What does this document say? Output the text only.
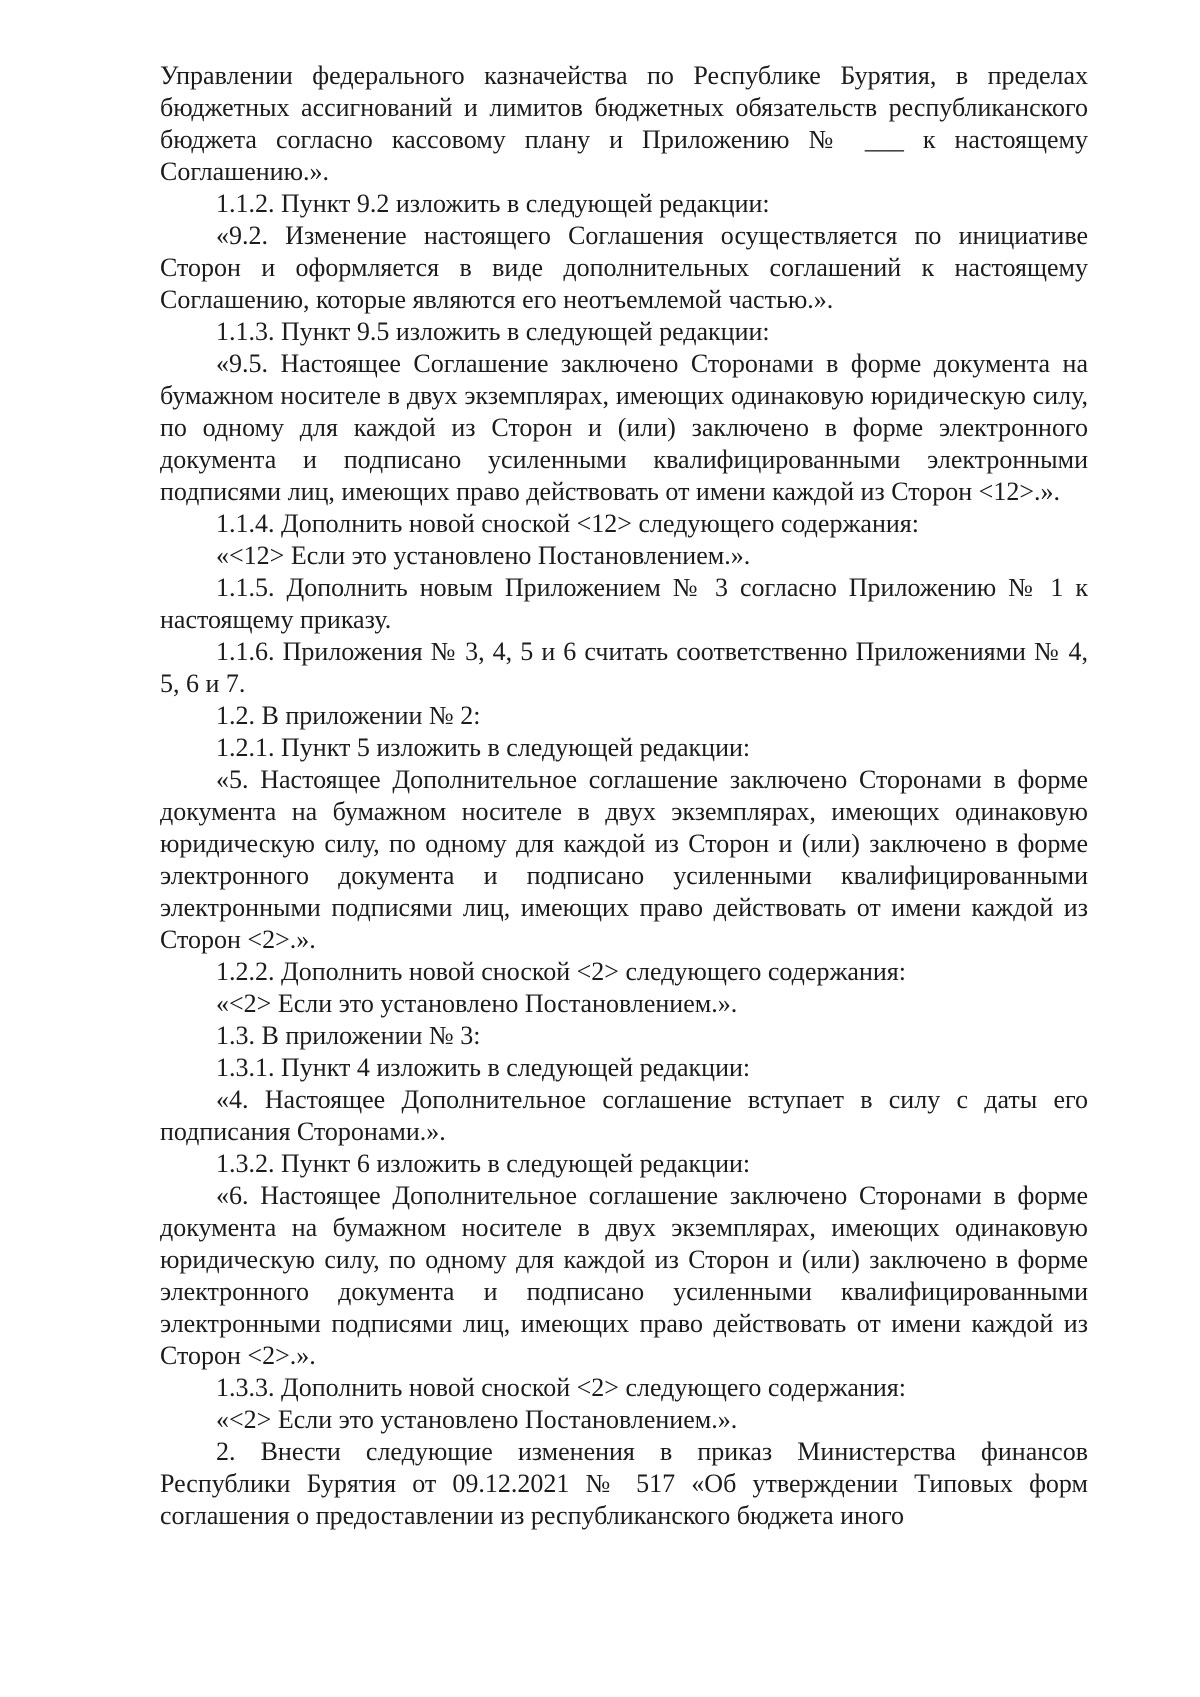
Управлении федерального казначейства по Республике Бурятия, в пределах бюджетных ассигнований и лимитов бюджетных обязательств республиканского бюджета согласно кассовому плану и Приложению № ___ к настоящему Соглашению.».

1.1.2. Пункт 9.2 изложить в следующей редакции:

«9.2. Изменение настоящего Соглашения осуществляется по инициативе Сторон и оформляется в виде дополнительных соглашений к настоящему Соглашению, которые являются его неотъемлемой частью.».

1.1.3. Пункт 9.5 изложить в следующей редакции:

«9.5. Настоящее Соглашение заключено Сторонами в форме документа на бумажном носителе в двух экземплярах, имеющих одинаковую юридическую силу, по одному для каждой из Сторон и (или) заключено в форме электронного документа и подписано усиленными квалифицированными электронными подписями лиц, имеющих право действовать от имени каждой из Сторон <12>.».

1.1.4. Дополнить новой сноской <12> следующего содержания:

«<12> Если это установлено Постановлением.».

1.1.5. Дополнить новым Приложением № 3 согласно Приложению № 1 к настоящему приказу.

1.1.6. Приложения № 3, 4, 5 и 6 считать соответственно Приложениями № 4, 5, 6 и 7.

1.2. В приложении № 2:

1.2.1. Пункт 5 изложить в следующей редакции:

«5. Настоящее Дополнительное соглашение заключено Сторонами в форме документа на бумажном носителе в двух экземплярах, имеющих одинаковую юридическую силу, по одному для каждой из Сторон и (или) заключено в форме электронного документа и подписано усиленными квалифицированными электронными подписями лиц, имеющих право действовать от имени каждой из Сторон <2>.».

1.2.2. Дополнить новой сноской <2> следующего содержания:

«<2> Если это установлено Постановлением.».

1.3. В приложении № 3:

1.3.1. Пункт 4 изложить в следующей редакции:

«4. Настоящее Дополнительное соглашение вступает в силу с даты его подписания Сторонами.».

1.3.2. Пункт 6 изложить в следующей редакции:

«6. Настоящее Дополнительное соглашение заключено Сторонами в форме документа на бумажном носителе в двух экземплярах, имеющих одинаковую юридическую силу, по одному для каждой из Сторон и (или) заключено в форме электронного документа и подписано усиленными квалифицированными электронными подписями лиц, имеющих право действовать от имени каждой из Сторон <2>.».

1.3.3. Дополнить новой сноской <2> следующего содержания:

«<2> Если это установлено Постановлением.».

2. Внести следующие изменения в приказ Министерства финансов Республики Бурятия от 09.12.2021 № 517 «Об утверждении Типовых форм соглашения о предоставлении из республиканского бюджета иного
